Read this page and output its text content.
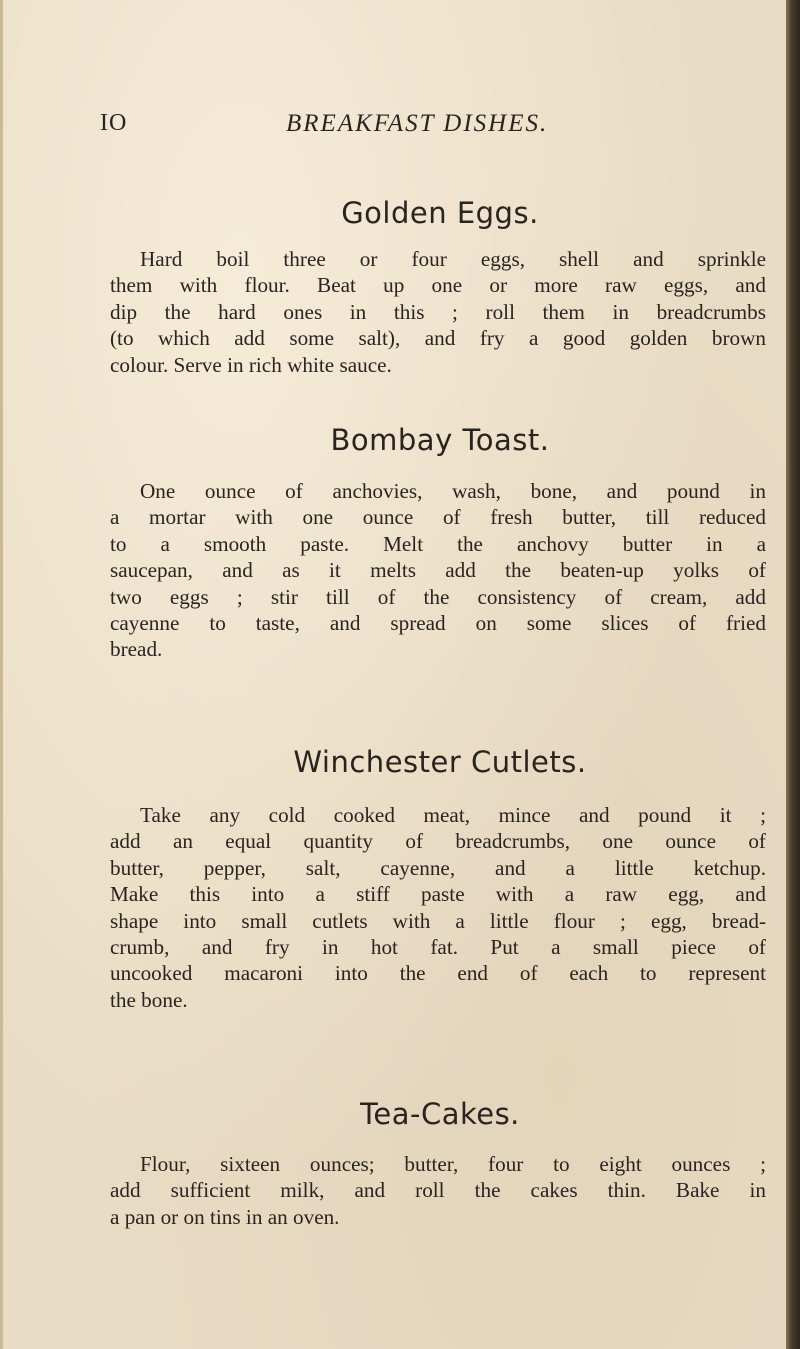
IO	BREAKFAST DISHES.
Golden Eggs.

Hard boil three or four eggs, shell and sprinkle
them with flour. Beat up one or more raw eggs, and
dip the hard ones in this ; roll them in breadcrumbs
(to which add some salt), and fry a good golden brown
colour. Serve in rich white sauce.

Bombay Toast.

One ounce of anchovies, wash, bone, and pound in
a mortar with one ounce of fresh butter, till reduced
to a smooth paste. Melt the anchovy butter in a
saucepan, and as it melts add the beaten-up yolks of
two eggs ; stir till of the consistency of cream, add
cayenne to taste, and spread on some slices of fried
bread.

Winchester Cutlets.

Take any cold cooked meat, mince and pound it ;
add an equal quantity of breadcrumbs, one ounce of
butter, pepper, salt, cayenne, and a little ketchup.
Make this into a stiff paste with a raw egg, and
shape into small cutlets with a little flour ; egg, bread-
crumb, and fry in hot fat. Put a small piece of
uncooked macaroni into the end of each to represent
the bone.

Tea-Cakes.

Flour, sixteen ounces; butter, four to eight ounces ;
add sufficient milk, and roll the cakes thin. Bake in
a pan or on tins in an oven.
